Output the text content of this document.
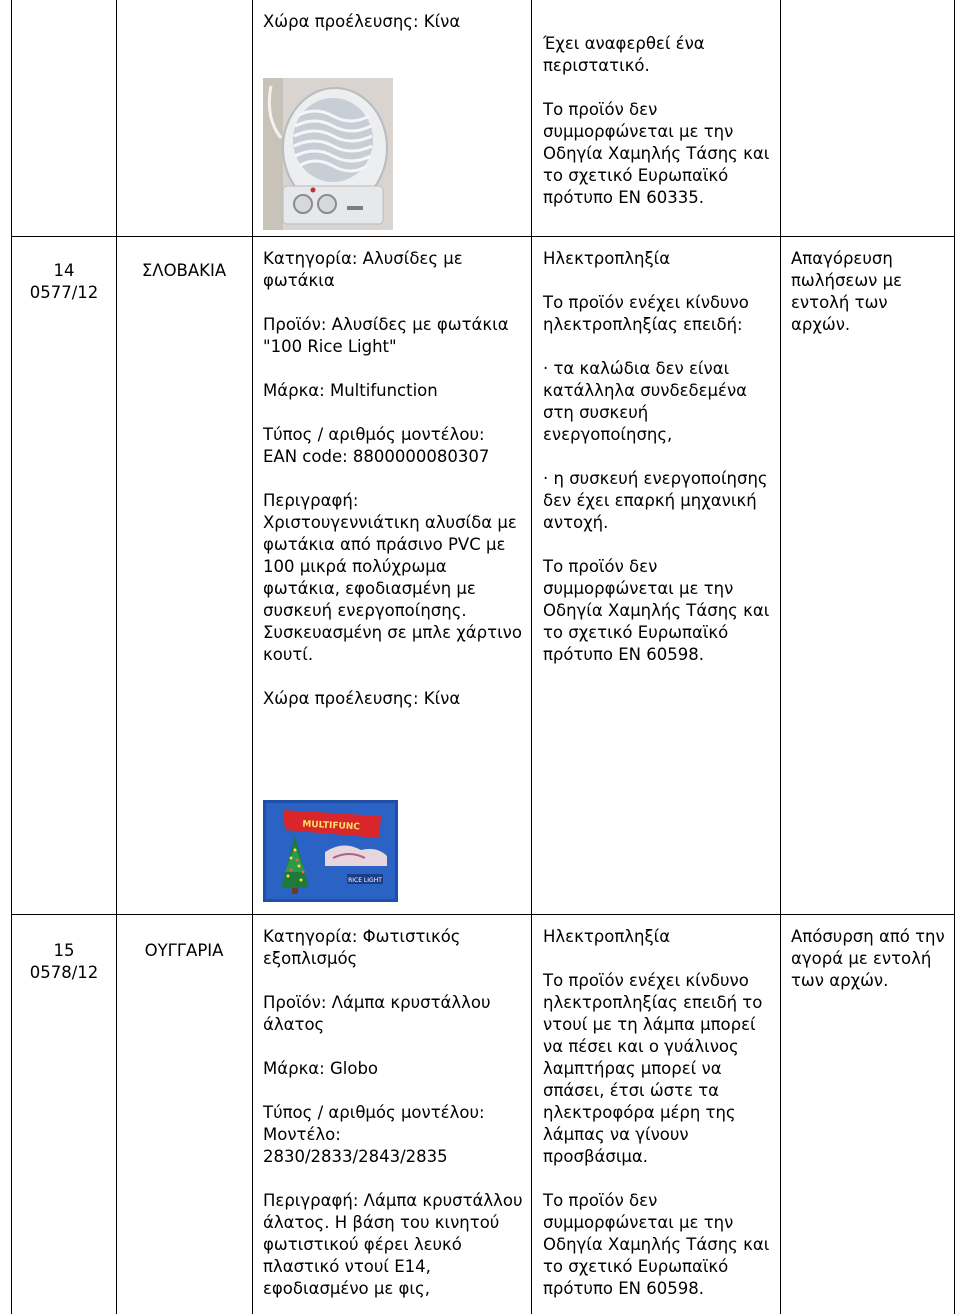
Χώρα προέλευσης: Κίνα

Έχει αναφερθεί ένα περιστατικό.

Το προϊόν δεν συμμορφώνεται με την Οδηγία Χαμηλής Τάσης και το σχετικό Ευρωπαϊκό πρότυπο EN 60335.

14
0577/12
ΣΛΟΒΑΚΙΑ

Κατηγορία: Αλυσίδες με φωτάκια

Προϊόν: Αλυσίδες με φωτάκια
"100 Rice Light"

Μάρκα: Multifunction

Τύπος / αριθμός μοντέλου:
EAN code: 8800000080307

Περιγραφή:
Χριστουγεννιάτικη αλυσίδα με φωτάκια από πράσινο PVC με 100 μικρά πολύχρωμα φωτάκια, εφοδιασμένη με συσκευή ενεργοποίησης.
Συσκευασμένη σε μπλε χάρτινο κουτί.

Χώρα προέλευσης: Κίνα

MULTIFUNC
RICE LIGHT

Ηλεκτροπληξία

Το προϊόν ενέχει κίνδυνο ηλεκτροπληξίας επειδή:

· τα καλώδια δεν είναι κατάλληλα συνδεδεμένα στη συσκευή ενεργοποίησης,

· η συσκευή ενεργοποίησης δεν έχει επαρκή μηχανική αντοχή.

Το προϊόν δεν συμμορφώνεται με την Οδηγία Χαμηλής Τάσης και το σχετικό Ευρωπαϊκό πρότυπο EN 60598.

Απαγόρευση πωλήσεων με εντολή των αρχών.

15
0578/12
ΟΥΓΓΑΡΙΑ

Κατηγορία: Φωτιστικός εξοπλισμός

Προϊόν: Λάμπα κρυστάλλου άλατος

Μάρκα: Globo

Τύπος / αριθμός μοντέλου:
Μοντέλο:
2830/2833/2843/2835

Περιγραφή: Λάμπα κρυστάλλου άλατος. Η βάση του κινητού φωτιστικού φέρει λευκό πλαστικό ντουί E14, εφοδιασμένο με φις,

Ηλεκτροπληξία

Το προϊόν ενέχει κίνδυνο ηλεκτροπληξίας επειδή το ντουί με τη λάμπα μπορεί να πέσει και ο γυάλινος λαμπτήρας μπορεί να σπάσει, έτσι ώστε τα ηλεκτροφόρα μέρη της λάμπας να γίνουν προσβάσιμα.

Το προϊόν δεν συμμορφώνεται με την Οδηγία Χαμηλής Τάσης και το σχετικό Ευρωπαϊκό πρότυπο EN 60598.

Απόσυρση από την αγορά με εντολή των αρχών.
